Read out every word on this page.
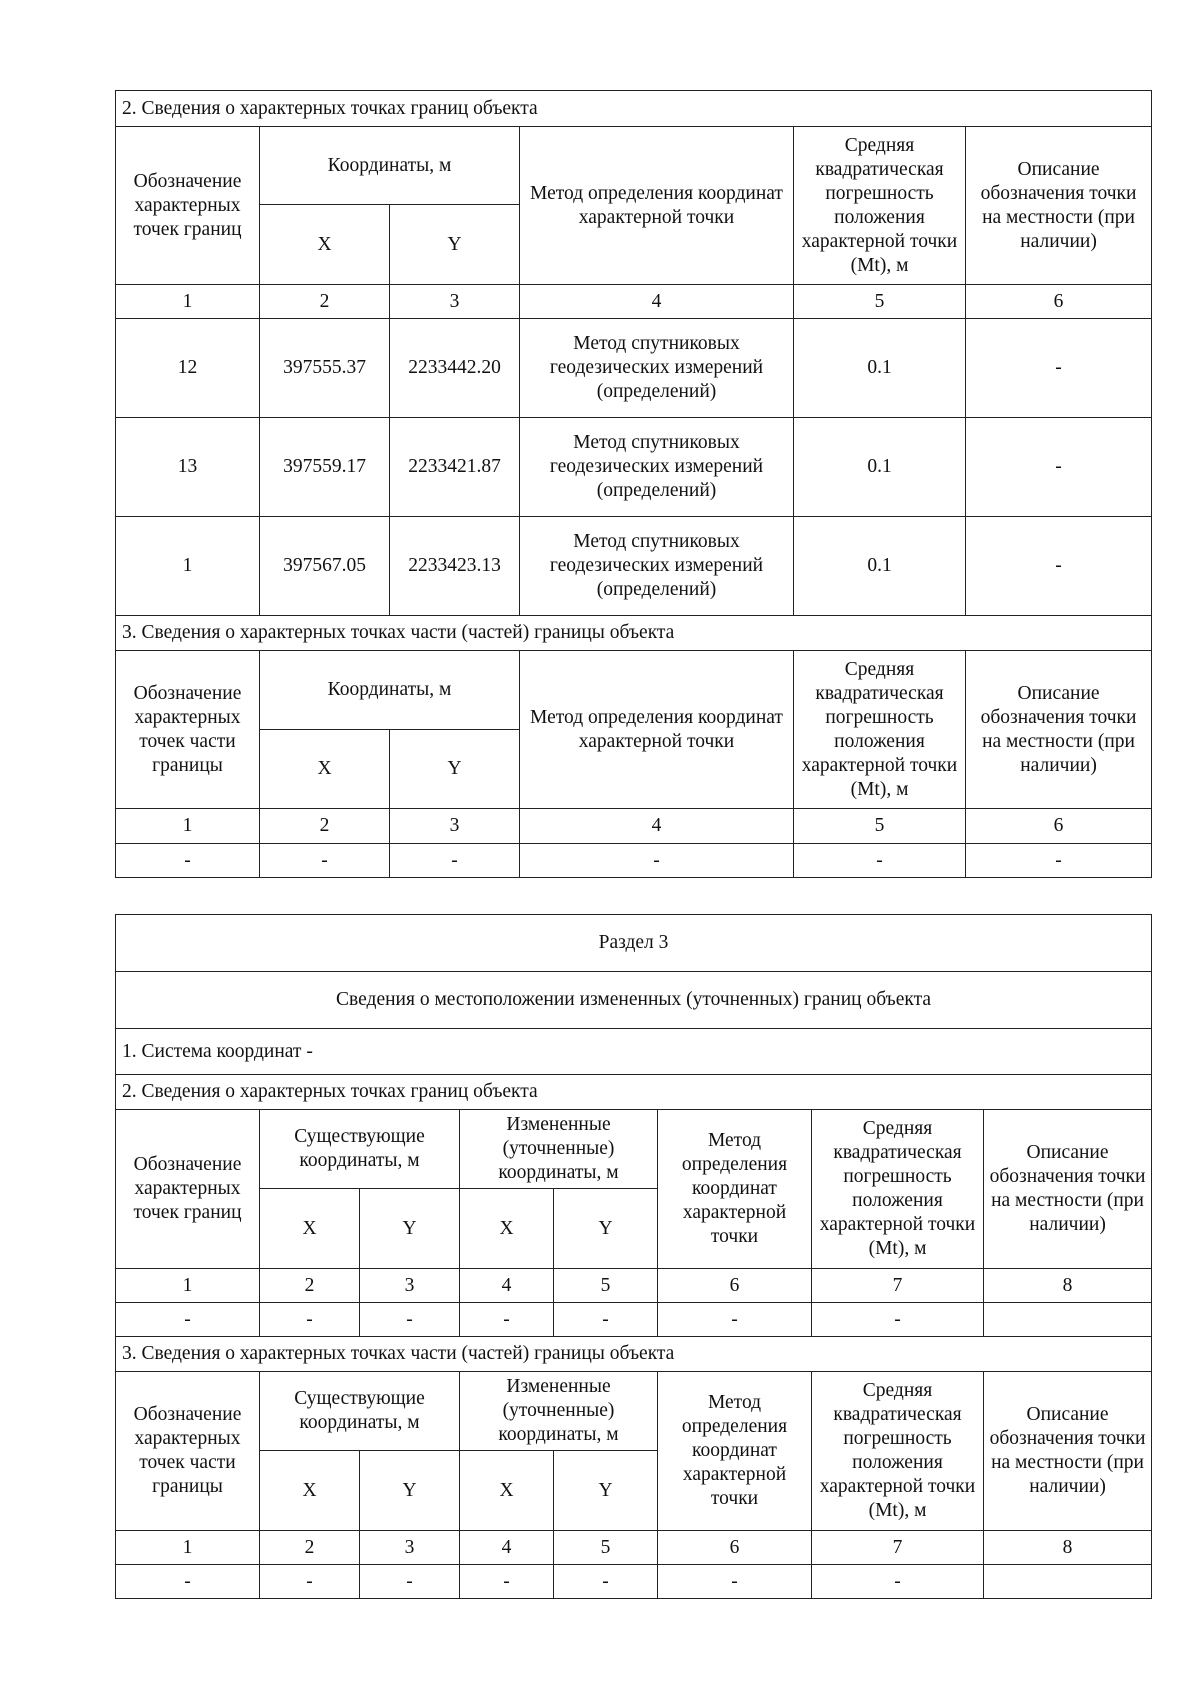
2. Сведения о характерных точках границ объекта					
Обозначение характерных точек границ	Координаты, м		Метод определения координат характерной точки	Средняя квадратическая погрешность положения характерной точки (Mt), м	Описание обозначения точки на местности (при наличии)
	X	Y			
1	2	3	4	5	6
12	397555.37	2233442.20	Метод спутниковых геодезических измерений (определений)	0.1	-
13	397559.17	2233421.87	Метод спутниковых геодезических измерений (определений)	0.1	-
1	397567.05	2233423.13	Метод спутниковых геодезических измерений (определений)	0.1	-
3. Сведения о характерных точках части (частей) границы объекта					
Обозначение характерных точек части границы	Координаты, м		Метод определения координат характерной точки	Средняя квадратическая погрешность положения характерной точки (Mt), м	Описание обозначения точки на местности (при наличии)
	X	Y			
1	2	3	4	5	6
-	-	-	-	-	-
Раздел 3							
Сведения о местоположении измененных (уточненных) границ объекта							
1. Система координат -							
2. Сведения о характерных точках границ объекта							
Обозначение характерных точек границ	Существующие координаты, м		Измененные (уточненные) координаты, м		Метод определения координат характерной точки	Средняя квадратическая погрешность положения характерной точки (Mt), м	Описание обозначения точки на местности (при наличии)
	X	Y	X	Y			
1	2	3	4	5	6	7	8
-	-	-	-	-	-	-	
3. Сведения о характерных точках части (частей) границы объекта							
Обозначение характерных точек части границы	Существующие координаты, м		Измененные (уточненные) координаты, м		Метод определения координат характерной точки	Средняя квадратическая погрешность положения характерной точки (Mt), м	Описание обозначения точки на местности (при наличии)
	X	Y	X	Y			
1	2	3	4	5	6	7	8
-	-	-	-	-	-	-	
